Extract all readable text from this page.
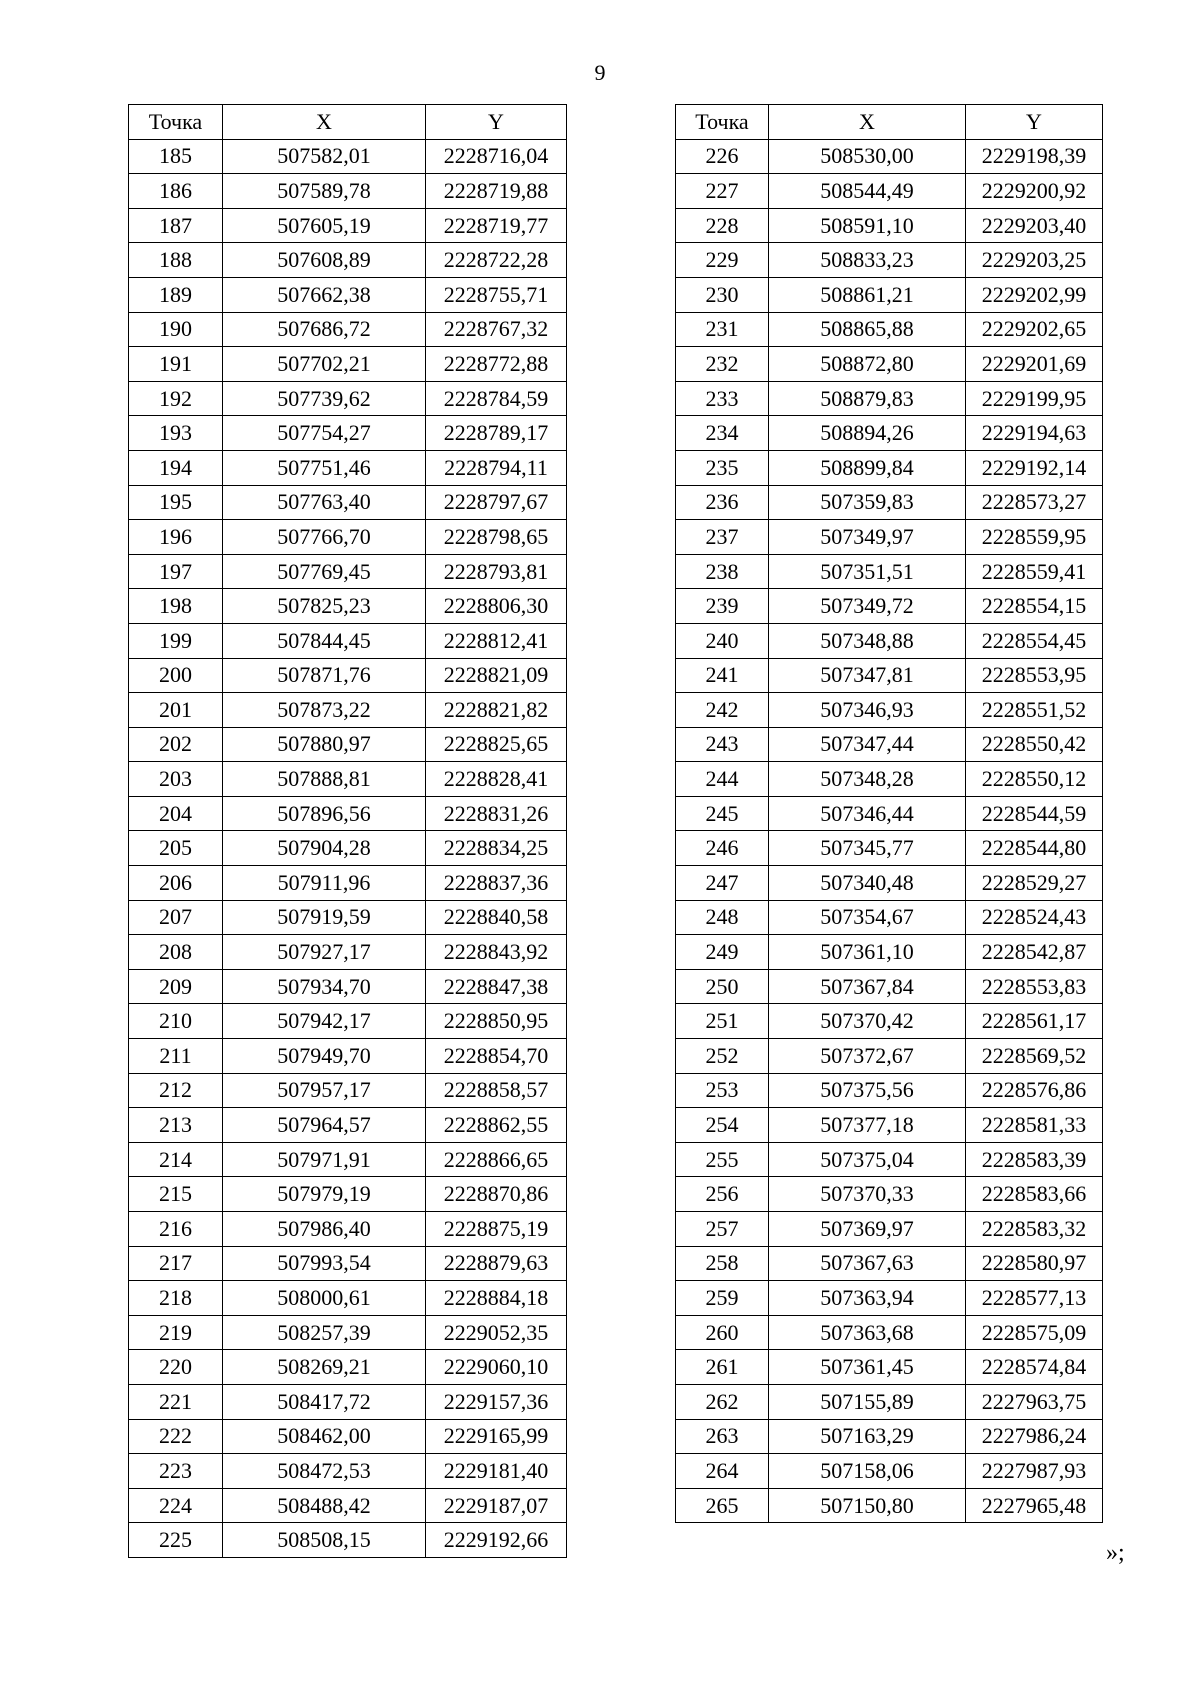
9
Точка	X	Y
185	507582,01	2228716,04
186	507589,78	2228719,88
187	507605,19	2228719,77
188	507608,89	2228722,28
189	507662,38	2228755,71
190	507686,72	2228767,32
191	507702,21	2228772,88
192	507739,62	2228784,59
193	507754,27	2228789,17
194	507751,46	2228794,11
195	507763,40	2228797,67
196	507766,70	2228798,65
197	507769,45	2228793,81
198	507825,23	2228806,30
199	507844,45	2228812,41
200	507871,76	2228821,09
201	507873,22	2228821,82
202	507880,97	2228825,65
203	507888,81	2228828,41
204	507896,56	2228831,26
205	507904,28	2228834,25
206	507911,96	2228837,36
207	507919,59	2228840,58
208	507927,17	2228843,92
209	507934,70	2228847,38
210	507942,17	2228850,95
211	507949,70	2228854,70
212	507957,17	2228858,57
213	507964,57	2228862,55
214	507971,91	2228866,65
215	507979,19	2228870,86
216	507986,40	2228875,19
217	507993,54	2228879,63
218	508000,61	2228884,18
219	508257,39	2229052,35
220	508269,21	2229060,10
221	508417,72	2229157,36
222	508462,00	2229165,99
223	508472,53	2229181,40
224	508488,42	2229187,07
225	508508,15	2229192,66
Точка	X	Y
226	508530,00	2229198,39
227	508544,49	2229200,92
228	508591,10	2229203,40
229	508833,23	2229203,25
230	508861,21	2229202,99
231	508865,88	2229202,65
232	508872,80	2229201,69
233	508879,83	2229199,95
234	508894,26	2229194,63
235	508899,84	2229192,14
236	507359,83	2228573,27
237	507349,97	2228559,95
238	507351,51	2228559,41
239	507349,72	2228554,15
240	507348,88	2228554,45
241	507347,81	2228553,95
242	507346,93	2228551,52
243	507347,44	2228550,42
244	507348,28	2228550,12
245	507346,44	2228544,59
246	507345,77	2228544,80
247	507340,48	2228529,27
248	507354,67	2228524,43
249	507361,10	2228542,87
250	507367,84	2228553,83
251	507370,42	2228561,17
252	507372,67	2228569,52
253	507375,56	2228576,86
254	507377,18	2228581,33
255	507375,04	2228583,39
256	507370,33	2228583,66
257	507369,97	2228583,32
258	507367,63	2228580,97
259	507363,94	2228577,13
260	507363,68	2228575,09
261	507361,45	2228574,84
262	507155,89	2227963,75
263	507163,29	2227986,24
264	507158,06	2227987,93
265	507150,80	2227965,48
»;
